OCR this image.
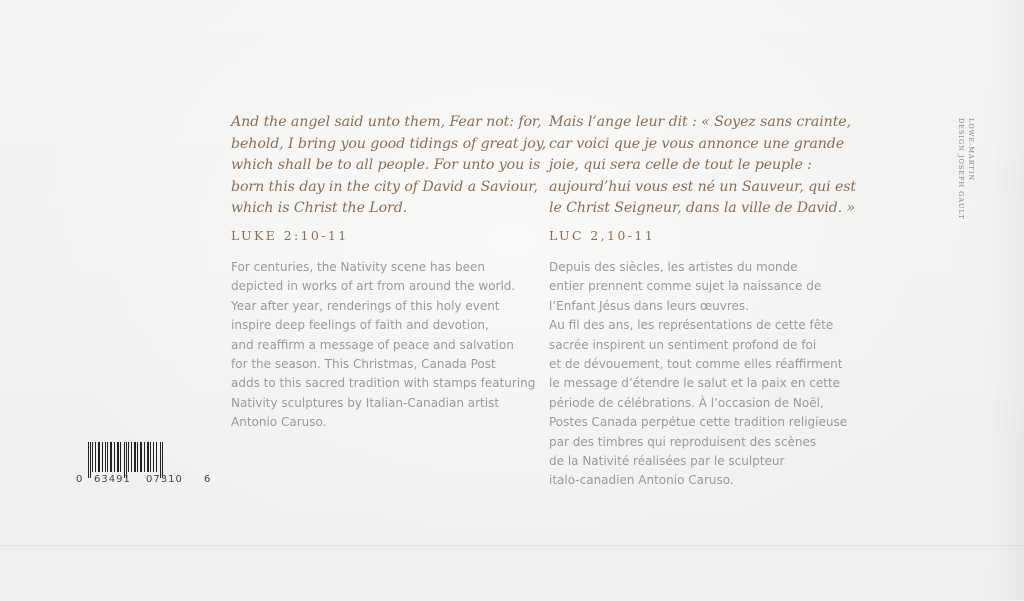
And the angel said unto them, Fear not: for,
behold, I bring you good tidings of great joy,
which shall be to all people. For unto you is
born this day in the city of David a Saviour,
which is Christ the Lord.

LUKE 2:10-11

Mais l’ange leur dit : « Soyez sans crainte,
car voici que je vous annonce une grande
joie, qui sera celle de tout le peuple :
aujourd’hui vous est né un Sauveur, qui est
le Christ Seigneur, dans la ville de David. »

LUC 2,10-11

For centuries, the Nativity scene has been
depicted in works of art from around the world.
Year after year, renderings of this holy event
inspire deep feelings of faith and devotion,
and reaffirm a message of peace and salvation
for the season. This Christmas, Canada Post
adds to this sacred tradition with stamps featuring
Nativity sculptures by Italian-Canadian artist
Antonio Caruso.

Depuis des siècles, les artistes du monde
entier prennent comme sujet la naissance de
l’Enfant Jésus dans leurs œuvres.
Au fil des ans, les représentations de cette fête
sacrée inspirent un sentiment profond de foi
et de dévouement, tout comme elles réaffirment
le message d’étendre le salut et la paix en cette
période de célébrations. À l’occasion de Noël,
Postes Canada perpétue cette tradition religieuse
par des timbres qui reproduisent des scènes
de la Nativité réalisées par le sculpteur
italo-canadien Antonio Caruso.

LOWE-MARTIN
DESIGN JOSEPH GAULT
0 63491 07310 6
